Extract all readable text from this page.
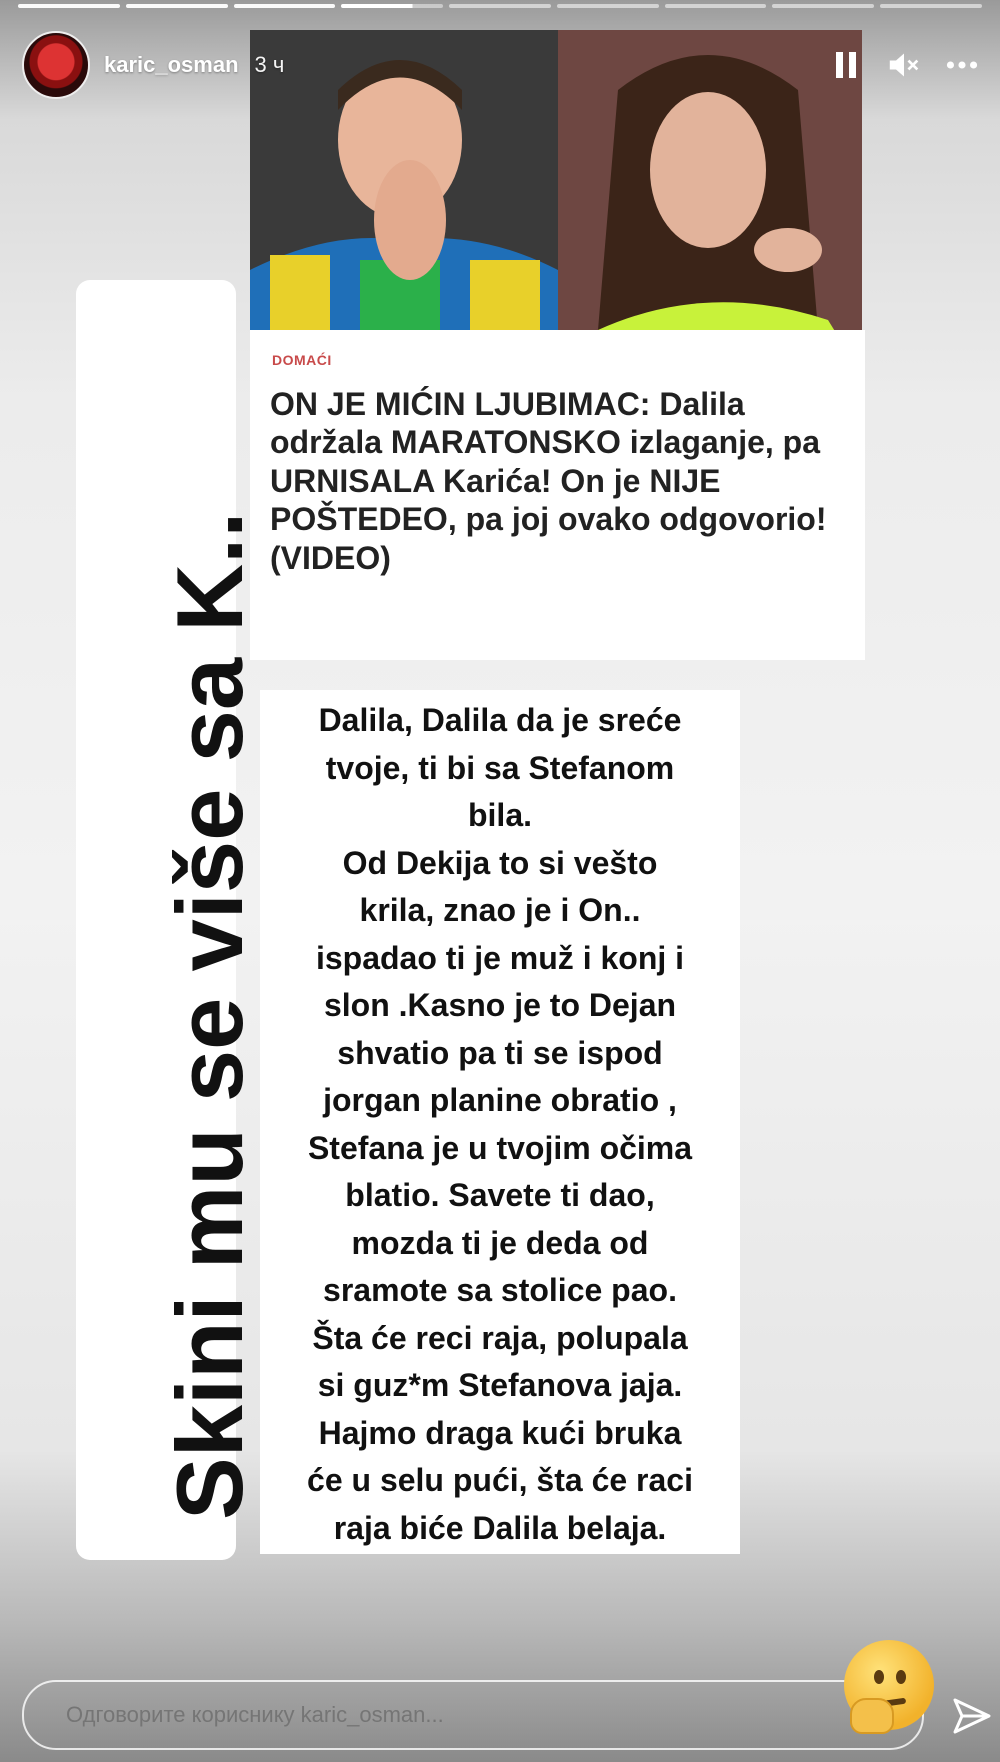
karic_osman 3 ч
DOMAĆI
ON JE MIĆIN LJUBIMAC: Dalila održala MARATONSKO izlaganje, pa URNISALA Karića! On je NIJE POŠTEDEO, pa joj ovako odgovorio! (VIDEO)
Skini mu se više sa K..	Dalila, Dalila da je sreće
tvoje, ti bi sa Stefanom
bila.
Od Dekija to si vešto
krila, znao je i On..
ispadao ti je muž i konj i
slon .Kasno je to Dejan
shvatio pa ti se ispod
jorgan planine obratio ,
Stefana je u tvojim očima
blatio. Savete ti dao,
mozda ti je deda od
sramote sa stolice pao.
Šta će reci raja, polupala
si guz*m Stefanova jaja.
Hajmo draga kući bruka
će u selu pući, šta će raci
raja biće Dalila belaja.
Одговорите кориснику karic_osman...
